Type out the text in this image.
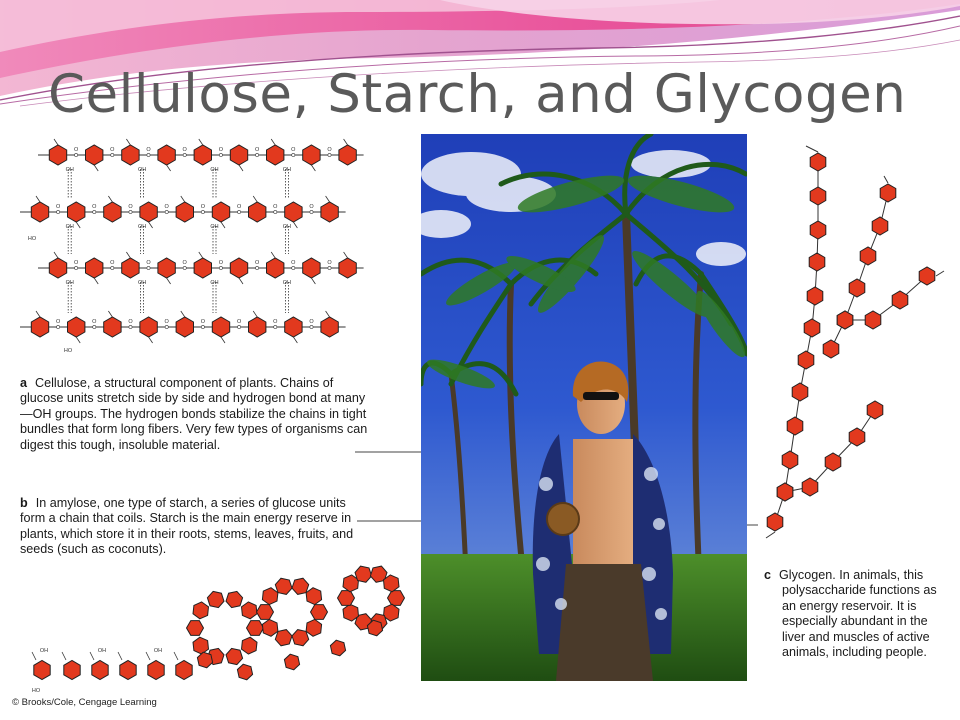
Cellulose, Starch, and Glycogen
O	O	O	O	O	O	O	O
OH	OH	OH	OH
O	O	O	O	O	O	O	O
OH	OH	OH	OH
O	O	O	O	O	O	O	O
OH	OH	OH	OH
O	O	O	O	O	O	O	O
HO
HO
OH	OH	OH
HO

a Cellulose, a structural component of plants. Chains of glucose units stretch side by side and hydrogen bond at many —OH groups. The hydrogen bonds stabilize the chains in tight bundles that form long fibers. Very few types of organisms can digest this tough, insoluble material.

b In amylose, one type of starch, a series of glucose units form a chain that coils. Starch is the main energy reserve in plants, which store it in their roots, stems, leaves, fruits, and seeds (such as coconuts).

c Glycogen. In animals, this polysaccharide functions as an energy reservoir. It is especially abundant in the liver and muscles of active animals, including people.

© Brooks/Cole, Cengage Learning
